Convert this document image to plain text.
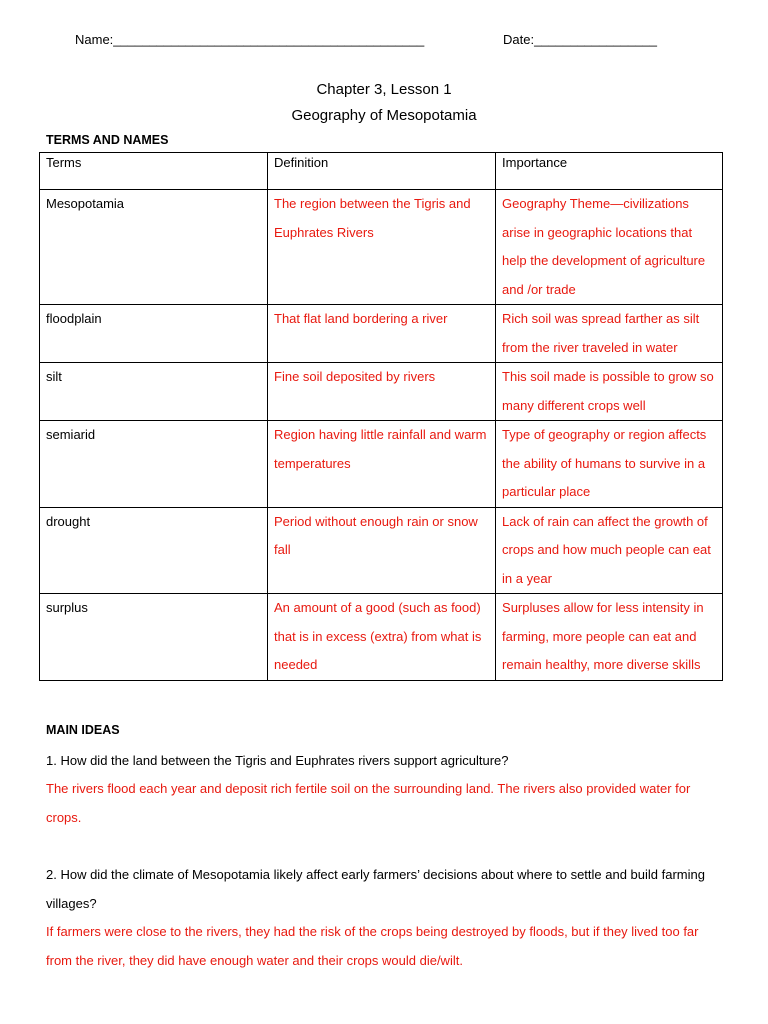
Name:___________________________________________	Date:_________________
Chapter 3, Lesson 1
Geography of Mesopotamia
TERMS AND NAMES
Terms	Definition	Importance
Mesopotamia	The region between the Tigris and Euphrates Rivers	Geography Theme—civilizations arise in geographic locations that help the development of agriculture and /or trade
floodplain	That flat land bordering a river	Rich soil was spread farther as silt from the river traveled in water
silt	Fine soil deposited by rivers	This soil made is possible to grow so many different crops well
semiarid	Region having little rainfall and warm temperatures	Type of geography or region affects the ability of humans to survive in a particular place
drought	Period without enough rain or snow fall	Lack of rain can affect the growth of crops and how much people can eat in a year
surplus	An amount of a good (such as food) that is in excess (extra) from what is needed	Surpluses allow for less intensity in farming, more people can eat and remain healthy, more diverse skills
MAIN IDEAS
1. How did the land between the Tigris and Euphrates rivers support agriculture?
The rivers flood each year and deposit rich fertile soil on the surrounding land. The rivers also provided water for crops.
2. How did the climate of Mesopotamia likely affect early farmers’ decisions about where to settle and build farming villages?
If farmers were close to the rivers, they had the risk of the crops being destroyed by floods, but if they lived too far from the river, they did have enough water and their crops would die/wilt.
